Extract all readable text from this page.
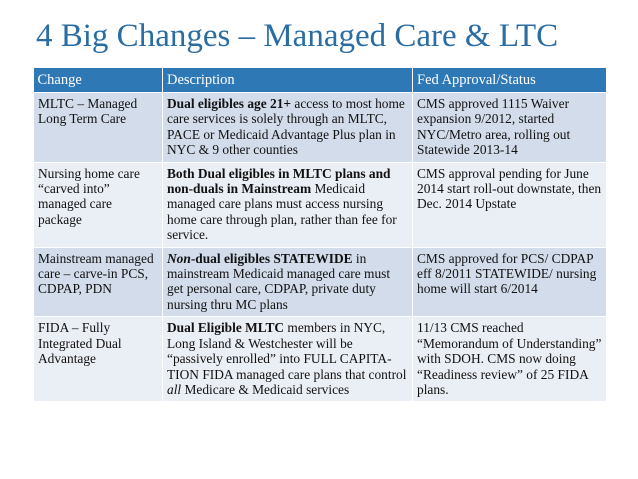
4 Big Changes – Managed Care & LTC
Change	Description	Fed Approval/Status
MLTC – Managed Long Term Care	Dual eligibles age 21+ access to most home care services is solely through an MLTC, PACE or Medicaid Advantage Plus plan in NYC & 9 other counties	CMS approved 1115 Waiver expansion 9/2012, started NYC/Metro area, rolling out Statewide 2013-14
Nursing home care “carved into” managed care package	Both Dual eligibles in MLTC plans and non-duals in Mainstream Medicaid managed care plans must access nursing home care through plan, rather than fee for service.	CMS approval pending for June 2014 start roll-out downstate, then Dec. 2014 Upstate
Mainstream managed care – carve-in PCS, CDPAP, PDN	Non-dual eligibles STATEWIDE in mainstream Medicaid managed care must get personal care, CDPAP, private duty nursing thru MC plans	CMS approved for PCS/ CDPAP eff 8/2011 STATEWIDE/ nursing home will start 6/2014
FIDA – Fully Integrated Dual Advantage	Dual Eligible MLTC members in NYC, Long Island & Westchester will be “passively enrolled” into FULL CAPITA-TION FIDA managed care plans that control all Medicare & Medicaid services	11/13 CMS reached “Memorandum of Understanding” with SDOH. CMS now doing “Readiness review” of 25 FIDA plans.
